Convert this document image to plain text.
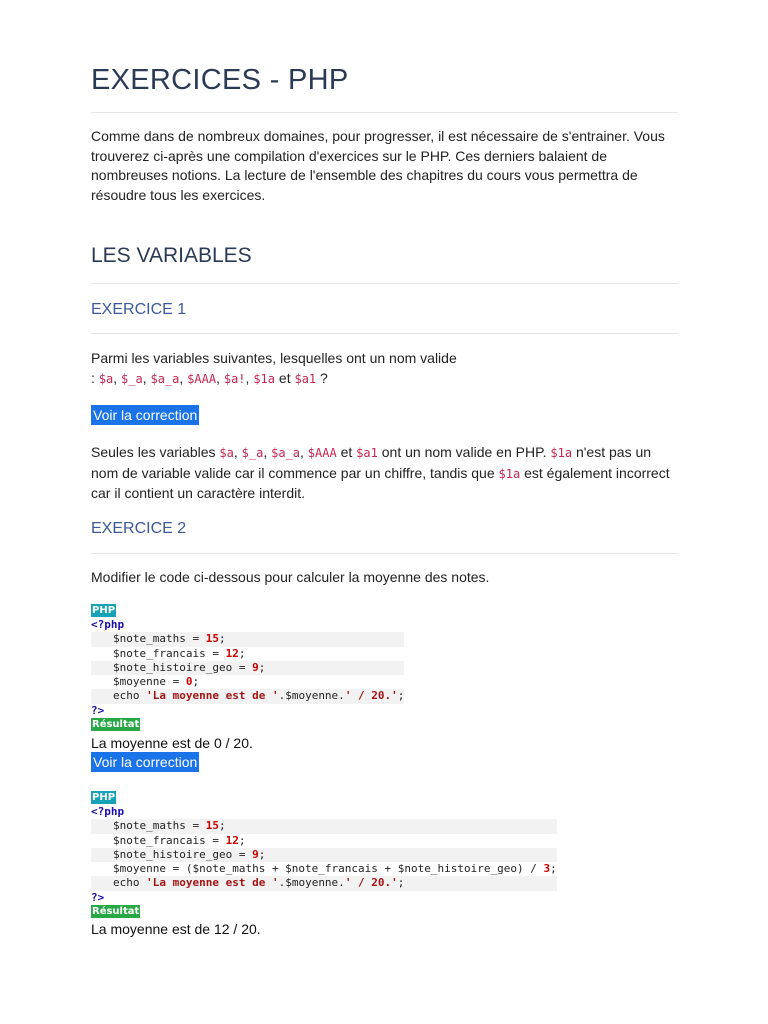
EXERCICES - PHP
Comme dans de nombreux domaines, pour progresser, il est nécessaire de s'entrainer. Vous trouverez ci-après une compilation d'exercices sur le PHP. Ces derniers balaient de nombreuses notions. La lecture de l'ensemble des chapitres du cours vous permettra de résoudre tous les exercices.
LES VARIABLES
EXERCICE 1
Parmi les variables suivantes, lesquelles ont un nom valide
: $a, $_a, $a_a, $AAA, $a!, $1a et $a1 ?
Voir la correction
Seules les variables $a, $_a, $a_a, $AAA et $a1 ont un nom valide en PHP. $1a n'est pas un nom de variable valide car il commence par un chiffre, tandis que $1a est également incorrect car il contient un caractère interdit.
EXERCICE 2
Modifier le code ci-dessous pour calculer la moyenne des notes.
PHP
<?php
$note_maths = 15;
$note_francais = 12;
$note_histoire_geo = 9;
$moyenne = 0;
echo 'La moyenne est de '.$moyenne.' / 20.';
?>
Résultat
La moyenne est de 0 / 20.
Voir la correction
PHP
<?php
$note_maths = 15;
$note_francais = 12;
$note_histoire_geo = 9;
$moyenne = ($note_maths + $note_francais + $note_histoire_geo) / 3;
echo 'La moyenne est de '.$moyenne.' / 20.';
?>
Résultat
La moyenne est de 12 / 20.
